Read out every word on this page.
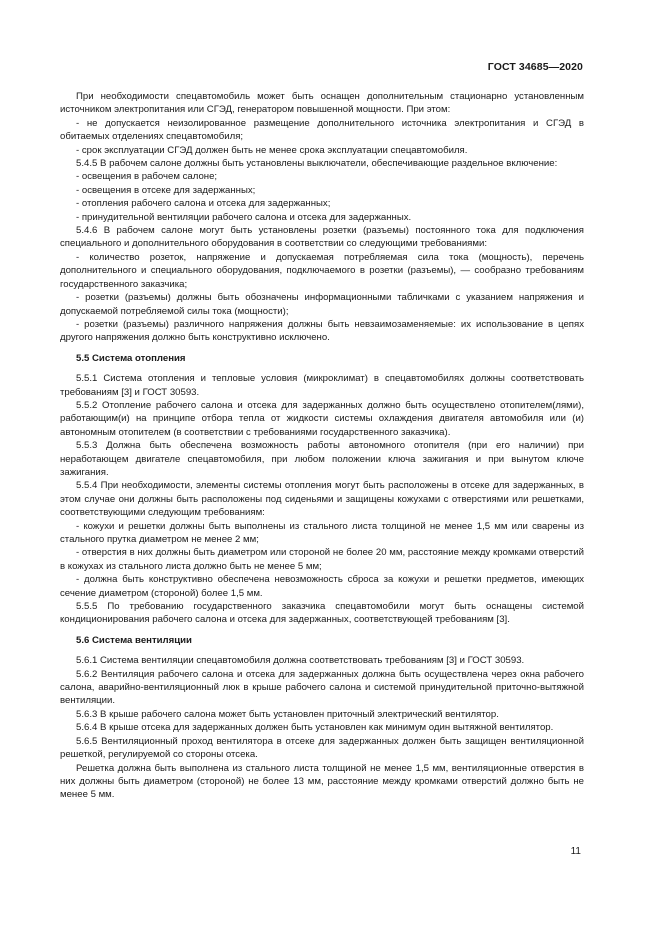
ГОСТ 34685—2020

При необходимости спецавтомобиль может быть оснащен дополнительным стационарно установленным источником электропитания или СГЭД, генератором повышенной мощности. При этом:

- не допускается неизолированное размещение дополнительного источника электропитания и СГЭД в обитаемых отделениях спецавтомобиля;

- срок эксплуатации СГЭД должен быть не менее срока эксплуатации спецавтомобиля.

5.4.5 В рабочем салоне должны быть установлены выключатели, обеспечивающие раздельное включение:

- освещения в рабочем салоне;

- освещения в отсеке для задержанных;

- отопления рабочего салона и отсека для задержанных;

- принудительной вентиляции рабочего салона и отсека для задержанных.

5.4.6 В рабочем салоне могут быть установлены розетки (разъемы) постоянного тока для подключения специального и дополнительного оборудования в соответствии со следующими требованиями:

- количество розеток, напряжение и допускаемая потребляемая сила тока (мощность), перечень дополнительного и специального оборудования, подключаемого в розетки (разъемы), — сообразно требованиям государственного заказчика;

- розетки (разъемы) должны быть обозначены информационными табличками с указанием напряжения и допускаемой потребляемой силы тока (мощности);

- розетки (разъемы) различного напряжения должны быть невзаимозаменяемые: их использование в цепях другого напряжения должно быть конструктивно исключено.

5.5 Система отопления

5.5.1 Система отопления и тепловые условия (микроклимат) в спецавтомобилях должны соответствовать требованиям [3] и ГОСТ 30593.

5.5.2 Отопление рабочего салона и отсека для задержанных должно быть осуществлено отопителем(лями), работающим(и) на принципе отбора тепла от жидкости системы охлаждения двигателя автомобиля или (и) автономным отопителем (в соответствии с требованиями государственного заказчика).

5.5.3 Должна быть обеспечена возможность работы автономного отопителя (при его наличии) при неработающем двигателе спецавтомобиля, при любом положении ключа зажигания и при вынутом ключе зажигания.

5.5.4 При необходимости, элементы системы отопления могут быть расположены в отсеке для задержанных, в этом случае они должны быть расположены под сиденьями и защищены кожухами с отверстиями или решетками, соответствующими следующим требованиям:

- кожухи и решетки должны быть выполнены из стального листа толщиной не менее 1,5 мм или сварены из стального прутка диаметром не менее 2 мм;

- отверстия в них должны быть диаметром или стороной не более 20 мм, расстояние между кромками отверстий в кожухах из стального листа должно быть не менее 5 мм;

- должна быть конструктивно обеспечена невозможность сброса за кожухи и решетки предметов, имеющих сечение диаметром (стороной) более 1,5 мм.

5.5.5 По требованию государственного заказчика спецавтомобили могут быть оснащены системой кондиционирования рабочего салона и отсека для задержанных, соответствующей требованиям [3].

5.6 Система вентиляции

5.6.1 Система вентиляции спецавтомобиля должна соответствовать требованиям [3] и ГОСТ 30593.

5.6.2 Вентиляция рабочего салона и отсека для задержанных должна быть осуществлена через окна рабочего салона, аварийно-вентиляционный люк в крыше рабочего салона и системой принудительной приточно-вытяжной вентиляции.

5.6.3 В крыше рабочего салона может быть установлен приточный электрический вентилятор.

5.6.4 В крыше отсека для задержанных должен быть установлен как минимум один вытяжной вентилятор.

5.6.5 Вентиляционный проход вентилятора в отсеке для задержанных должен быть защищен вентиляционной решеткой, регулируемой со стороны отсека.

Решетка должна быть выполнена из стального листа толщиной не менее 1,5 мм, вентиляционные отверстия в них должны быть диаметром (стороной) не более 13 мм, расстояние между кромками отверстий должно быть не менее 5 мм.

11
